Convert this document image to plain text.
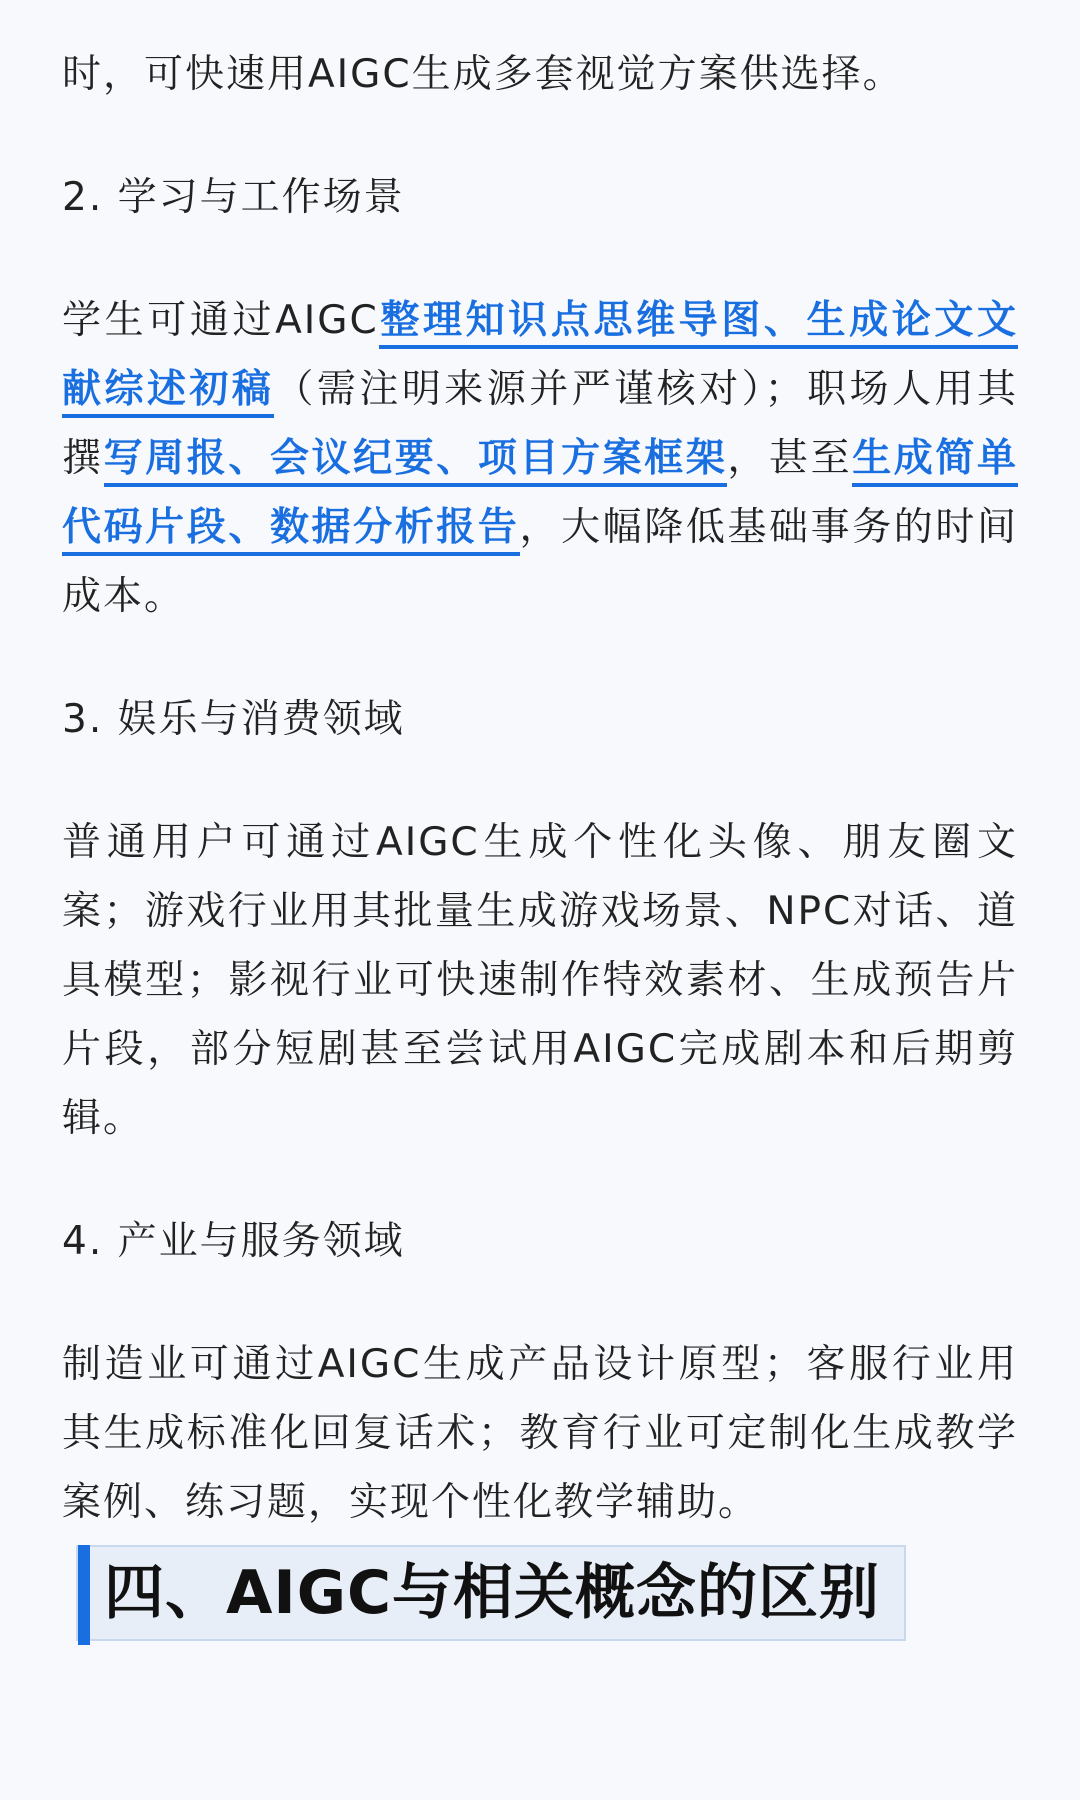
时，可快速用AIGC生成多套视觉方案供选择。

2. 学习与工作场景

学生可通过AIGC整理知识点思维导图、生成论文文献综述初稿（需注明来源并严谨核对）；职场人用其撰写周报、会议纪要、项目方案框架，甚至生成简单代码片段、数据分析报告，大幅降低基础事务的时间成本。

3. 娱乐与消费领域

普通用户可通过AIGC生成个性化头像、朋友圈文案；游戏行业用其批量生成游戏场景、NPC对话、道具模型；影视行业可快速制作特效素材、生成预告片片段，部分短剧甚至尝试用AIGC完成剧本和后期剪辑。

4. 产业与服务领域

制造业可通过AIGC生成产品设计原型；客服行业用其生成标准化回复话术；教育行业可定制化生成教学案例、练习题，实现个性化教学辅助。

四、AIGC与相关概念的区别
